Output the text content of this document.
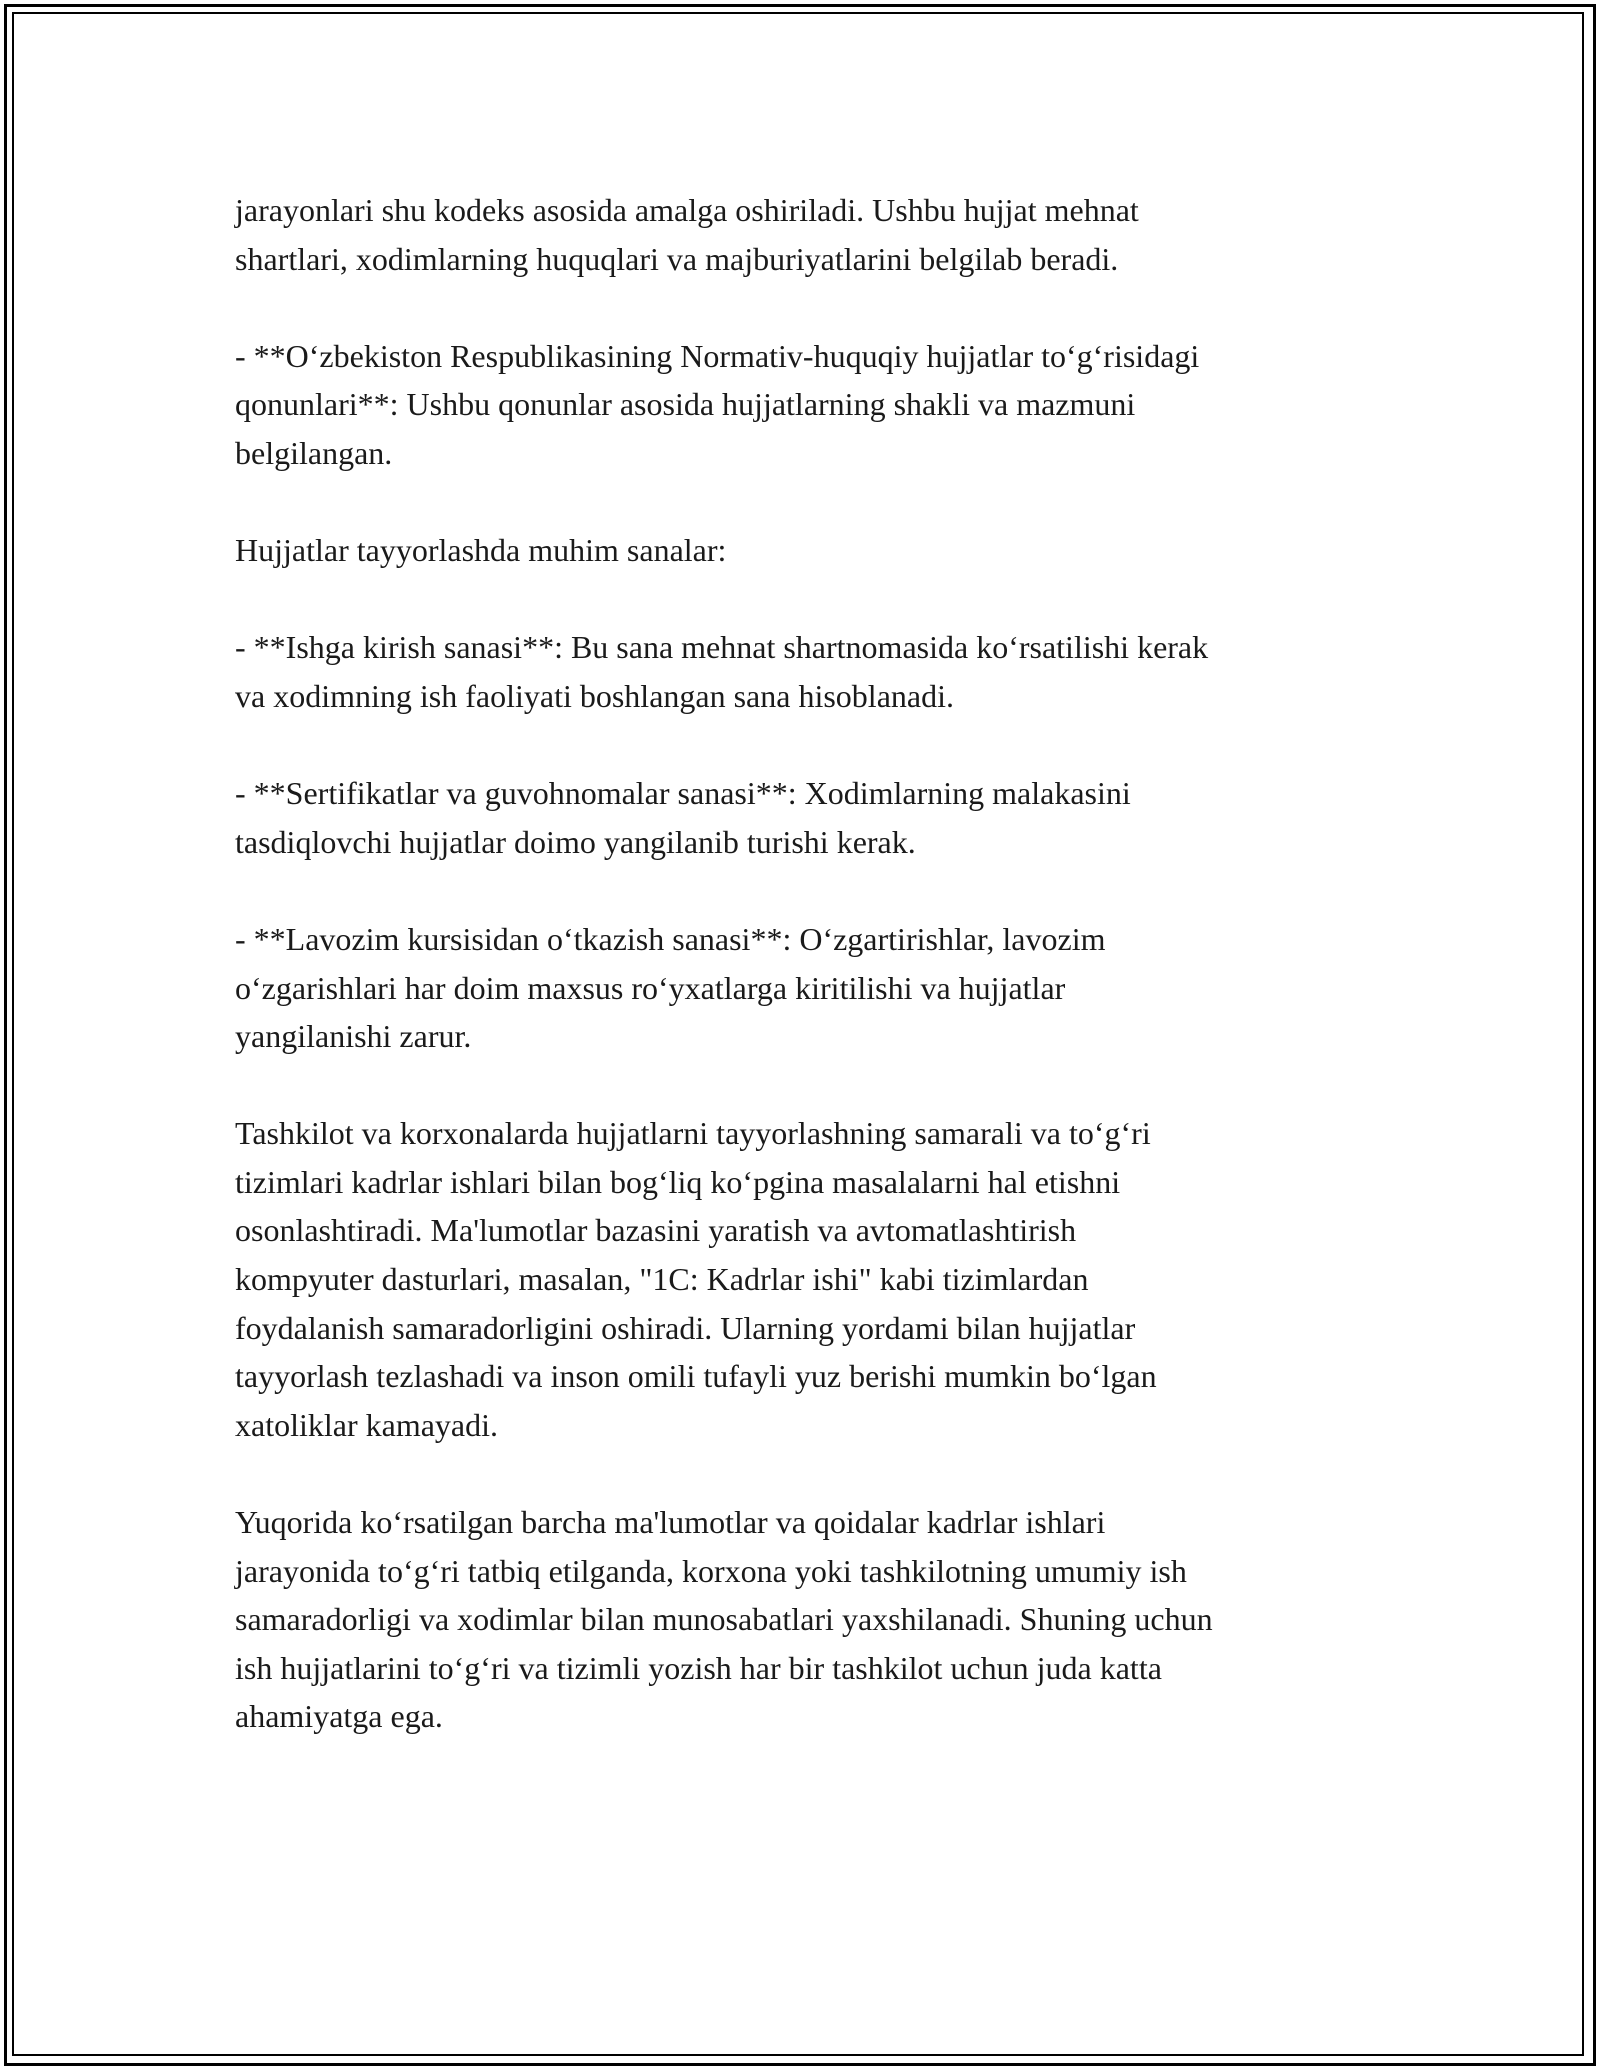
jarayonlari shu kodeks asosida amalga oshiriladi. Ushbu hujjat mehnat
shartlari, xodimlarning huquqlari va majburiyatlarini belgilab beradi.

- **O‘zbekiston Respublikasining Normativ-huquqiy hujjatlar to‘g‘risidagi
qonunlari**: Ushbu qonunlar asosida hujjatlarning shakli va mazmuni
belgilangan.

Hujjatlar tayyorlashda muhim sanalar:

- **Ishga kirish sanasi**: Bu sana mehnat shartnomasida ko‘rsatilishi kerak
va xodimning ish faoliyati boshlangan sana hisoblanadi.

- **Sertifikatlar va guvohnomalar sanasi**: Xodimlarning malakasini
tasdiqlovchi hujjatlar doimo yangilanib turishi kerak.

- **Lavozim kursisidan o‘tkazish sanasi**: O‘zgartirishlar, lavozim
o‘zgarishlari har doim maxsus ro‘yxatlarga kiritilishi va hujjatlar
yangilanishi zarur.

Tashkilot va korxonalarda hujjatlarni tayyorlashning samarali va to‘g‘ri
tizimlari kadrlar ishlari bilan bog‘liq ko‘pgina masalalarni hal etishni
osonlashtiradi. Ma'lumotlar bazasini yaratish va avtomatlashtirish
kompyuter dasturlari, masalan, "1C: Kadrlar ishi" kabi tizimlardan
foydalanish samaradorligini oshiradi. Ularning yordami bilan hujjatlar
tayyorlash tezlashadi va inson omili tufayli yuz berishi mumkin bo‘lgan
xatoliklar kamayadi.

Yuqorida ko‘rsatilgan barcha ma'lumotlar va qoidalar kadrlar ishlari
jarayonida to‘g‘ri tatbiq etilganda, korxona yoki tashkilotning umumiy ish
samaradorligi va xodimlar bilan munosabatlari yaxshilanadi. Shuning uchun
ish hujjatlarini to‘g‘ri va tizimli yozish har bir tashkilot uchun juda katta
ahamiyatga ega.
